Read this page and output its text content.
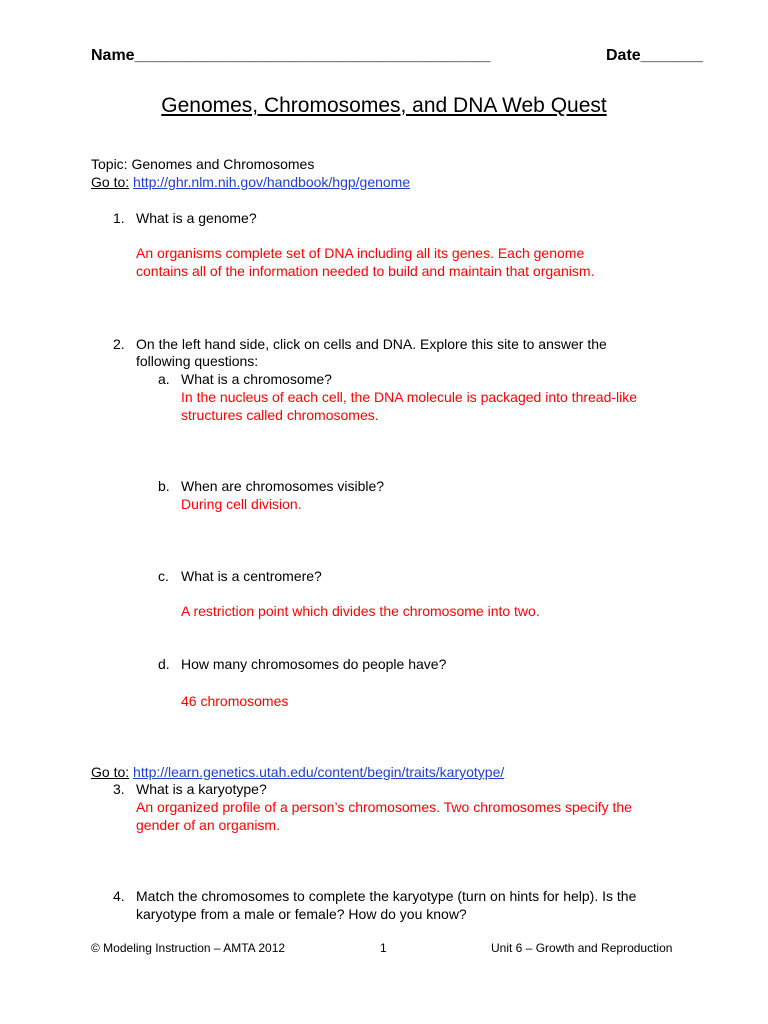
Name________________________________________	Date_______
Genomes, Chromosomes, and DNA Web Quest
Topic: Genomes and Chromosomes
Go to: http://ghr.nlm.nih.gov/handbook/hgp/genome
1. What is a genome?
An organisms complete set of DNA including all its genes. Each genome
contains all of the information needed to build and maintain that organism.
2. On the left hand side, click on cells and DNA. Explore this site to answer the
following questions:
a. What is a chromosome?
In the nucleus of each cell, the DNA molecule is packaged into thread-like
structures called chromosomes.
b. When are chromosomes visible?
During cell division.
c. What is a centromere?
A restriction point which divides the chromosome into two.
d. How many chromosomes do people have?
46 chromosomes
Go to: http://learn.genetics.utah.edu/content/begin/traits/karyotype/
3. What is a karyotype?
An organized profile of a person’s chromosomes. Two chromosomes specify the
gender of an organism.
4. Match the chromosomes to complete the karyotype (turn on hints for help). Is the
karyotype from a male or female? How do you know?
© Modeling Instruction – AMTA 2012	1	Unit 6 – Growth and Reproduction
